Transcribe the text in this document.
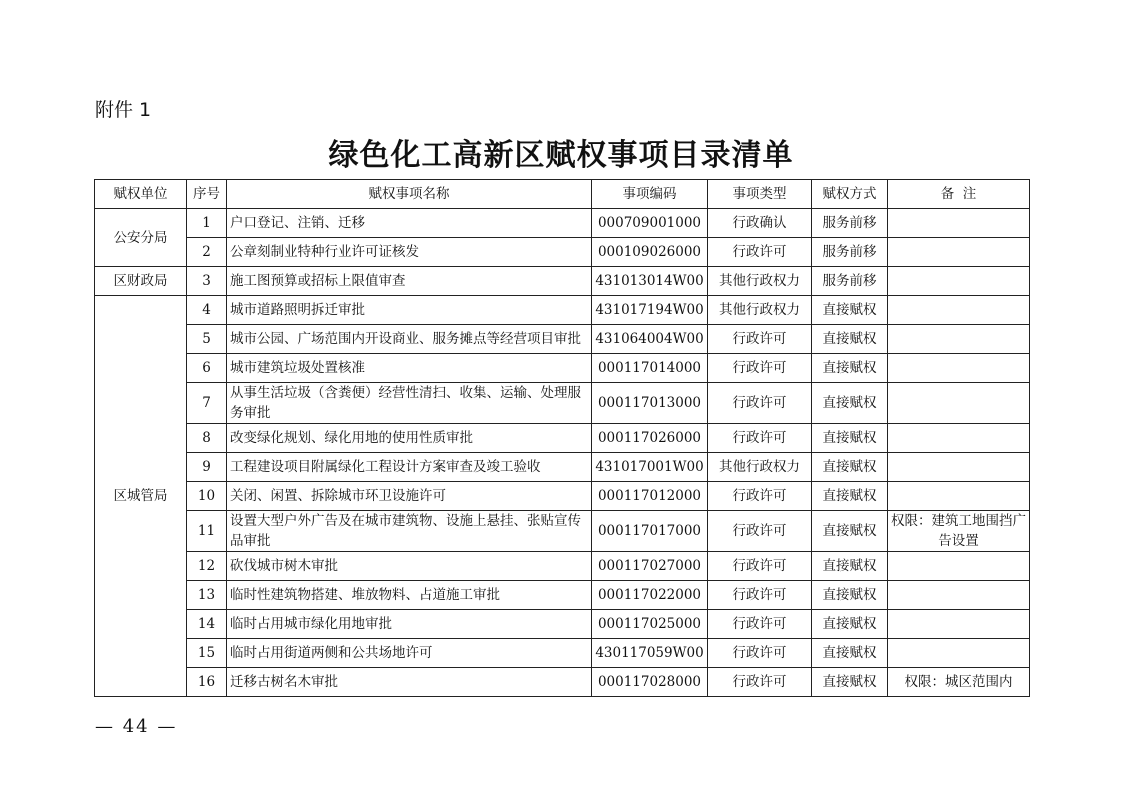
附件 1
绿色化工高新区赋权事项目录清单
赋权单位	序号	赋权事项名称	事项编码	事项类型	赋权方式	备  注
公安分局	1	户口登记、注销、迁移	000709001000	行政确认	服务前移	
	2	公章刻制业特种行业许可证核发	000109026000	行政许可	服务前移	
区财政局	3	施工图预算或招标上限值审查	431013014W00	其他行政权力	服务前移	
区城管局	4	城市道路照明拆迁审批	431017194W00	其他行政权力	直接赋权	
	5	城市公园、广场范围内开设商业、服务摊点等经营项目审批	431064004W00	行政许可	直接赋权	
	6	城市建筑垃圾处置核准	000117014000	行政许可	直接赋权	
	7	从事生活垃圾（含粪便）经营性清扫、收集、运输、处理服务审批	000117013000	行政许可	直接赋权	
	8	改变绿化规划、绿化用地的使用性质审批	000117026000	行政许可	直接赋权	
	9	工程建设项目附属绿化工程设计方案审查及竣工验收	431017001W00	其他行政权力	直接赋权	
	10	关闭、闲置、拆除城市环卫设施许可	000117012000	行政许可	直接赋权	
	11	设置大型户外广告及在城市建筑物、设施上悬挂、张贴宣传品审批	000117017000	行政许可	直接赋权	权限：建筑工地围挡广告设置
	12	砍伐城市树木审批	000117027000	行政许可	直接赋权	
	13	临时性建筑物搭建、堆放物料、占道施工审批	000117022000	行政许可	直接赋权	
	14	临时占用城市绿化用地审批	000117025000	行政许可	直接赋权	
	15	临时占用街道两侧和公共场地许可	430117059W00	行政许可	直接赋权	
	16	迁移古树名木审批	000117028000	行政许可	直接赋权	权限：城区范围内
— 44 —
